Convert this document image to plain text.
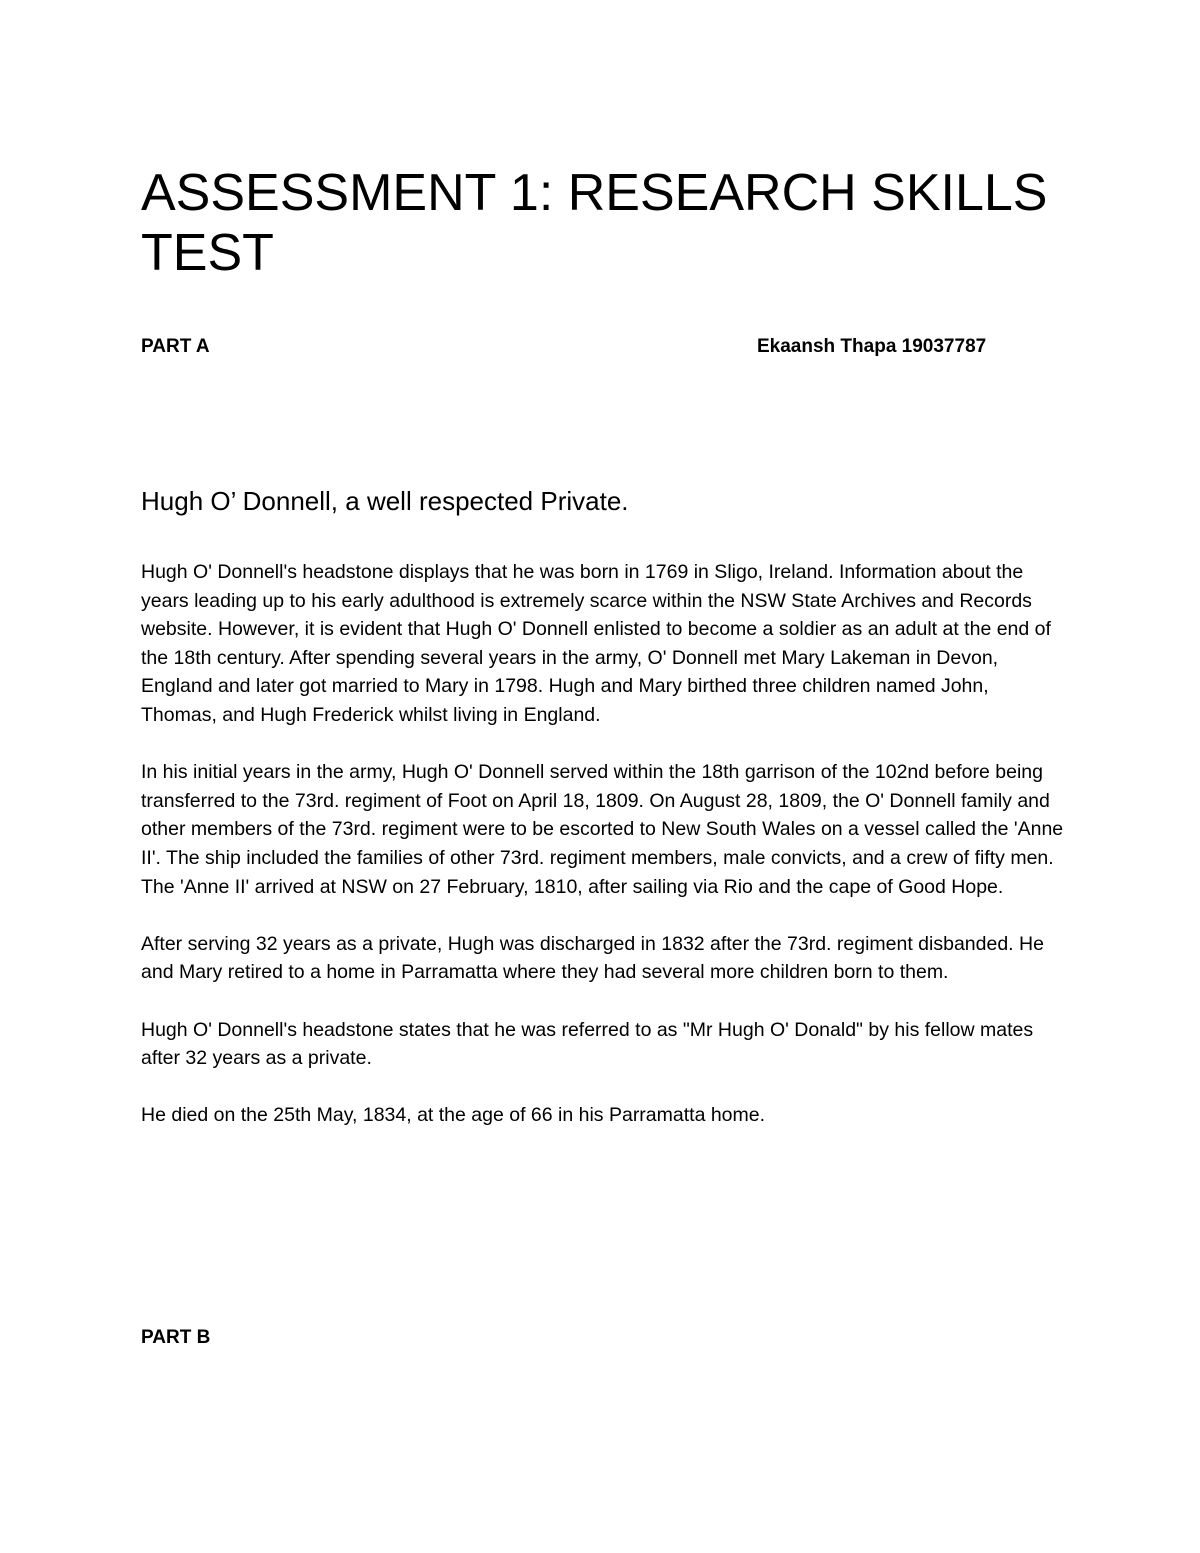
ASSESSMENT 1: RESEARCH SKILLS TEST
PART A	Ekaansh Thapa 19037787
Hugh O’ Donnell, a well respected Private.

Hugh O' Donnell's headstone displays that he was born in 1769 in Sligo, Ireland. Information about the years leading up to his early adulthood is extremely scarce within the NSW State Archives and Records website. However, it is evident that Hugh O' Donnell enlisted to become a soldier as an adult at the end of the 18th century. After spending several years in the army, O' Donnell met Mary Lakeman in Devon, England and later got married to Mary in 1798. Hugh and Mary birthed three children named John, Thomas, and Hugh Frederick whilst living in England.

In his initial years in the army, Hugh O' Donnell served within the 18th garrison of the 102nd before being transferred to the 73rd. regiment of Foot on April 18, 1809. On August 28, 1809, the O' Donnell family and other members of the 73rd. regiment were to be escorted to New South Wales on a vessel called the 'Anne II'. The ship included the families of other 73rd. regiment members, male convicts, and a crew of fifty men. The 'Anne II' arrived at NSW on 27 February, 1810, after sailing via Rio and the cape of Good Hope.

After serving 32 years as a private, Hugh was discharged in 1832 after the 73rd. regiment disbanded. He and Mary retired to a home in Parramatta where they had several more children born to them.

Hugh O' Donnell's headstone states that he was referred to as "Mr Hugh O' Donald" by his fellow mates after 32 years as a private.

He died on the 25th May, 1834, at the age of 66 in his Parramatta home.

PART B
